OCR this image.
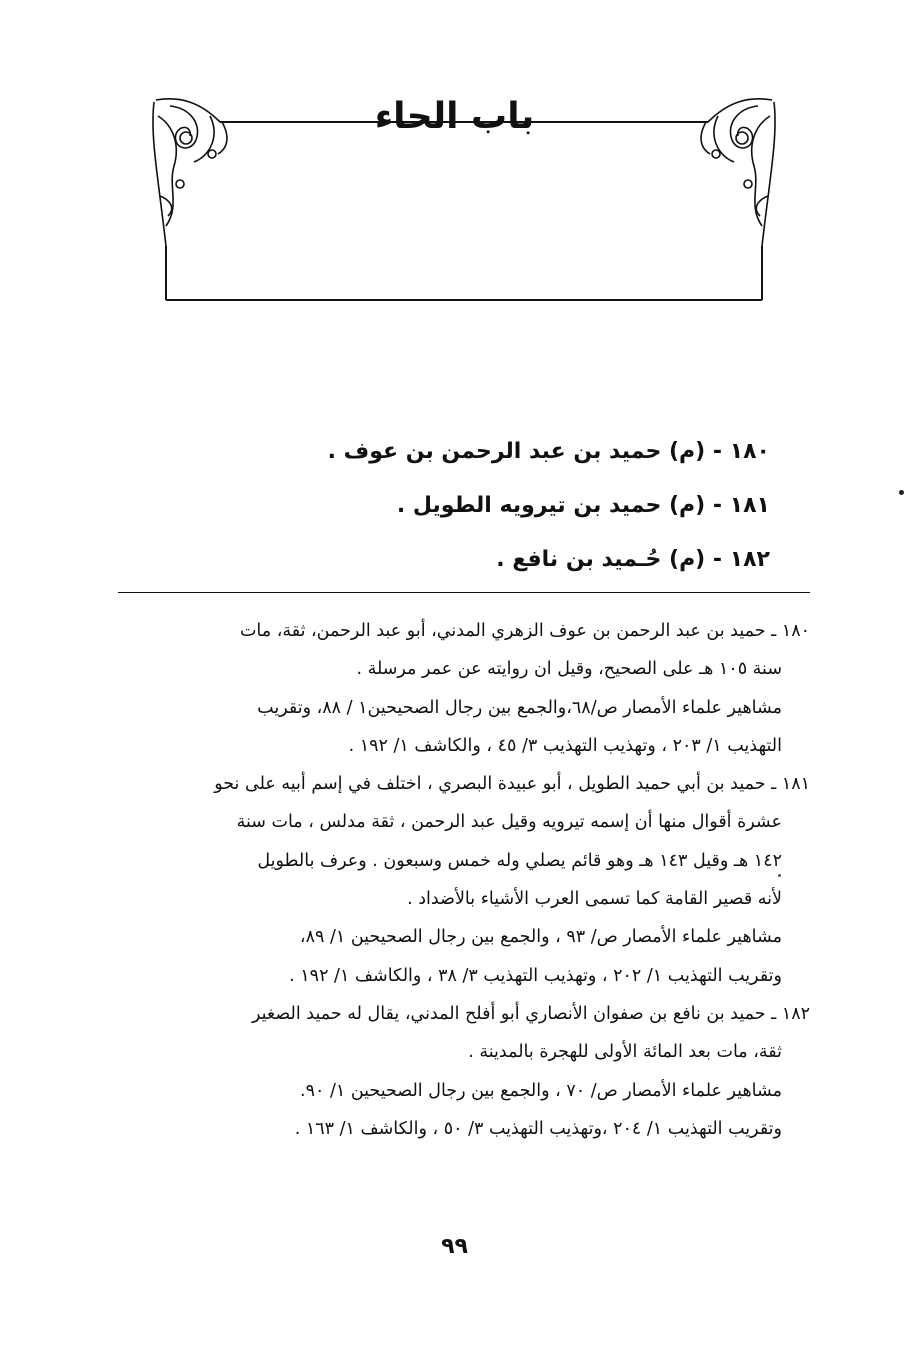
باب الحاء
١٨٠ - (م) حميد بن عبد الرحمن بن عوف .
١٨١ - (م) حميد بن تيرويه الطويل .
١٨٢ - (م) حُـميد بن نافع .
١٨٠ ـ حميد بن عبد الرحمن بن عوف الزهري المدني، أبو عبد الرحمن، ثقة، مات
سنة ١٠٥ هـ على الصحيح، وقيل ان روايته عن عمر مرسلة .
مشاهير علماء الأمصار ص/٦٨،والجمع بين رجال الصحيحين١ / ٨٨، وتقريب
التهذيب ١/ ٢٠٣ ، وتهذيب التهذيب ٣/ ٤٥ ، والكاشف ١/ ١٩٢ .
١٨١ ـ حميد بن أبي حميد الطويل ، أبو عبيدة البصري ، اختلف في إسم أبيه على نحو
عشرة أقوال منها أن إسمه تيرويه وقيل عبد الرحمن ، ثقة مدلس ، مات سنة
١٤٢ هـ وقيل ١٤٣ هـ وهو قائم يصلي وله خمس وسبعون . وعرف بالطويل
لأنه قصير القامة كما تسمى العرب الأشياء بالأضداد .
مشاهير علماء الأمصار ص/ ٩٣ ، والجمع بين رجال الصحيحين ١/ ٨٩،
وتقريب التهذيب ١/ ٢٠٢ ، وتهذيب التهذيب ٣/ ٣٨ ، والكاشف ١/ ١٩٢ .
١٨٢ ـ حميد بن نافع بن صفوان الأنصاري أبو أفلح المدني، يقال له حميد الصغير
ثقة، مات بعد المائة الأولى للهجرة بالمدينة .
مشاهير علماء الأمصار ص/ ٧٠ ، والجمع بين رجال الصحيحين ١/ ٩٠.
وتقريب التهذيب ١/ ٢٠٤ ،وتهذيب التهذيب ٣/ ٥٠ ، والكاشف ١/ ١٦٣ .
٩٩
